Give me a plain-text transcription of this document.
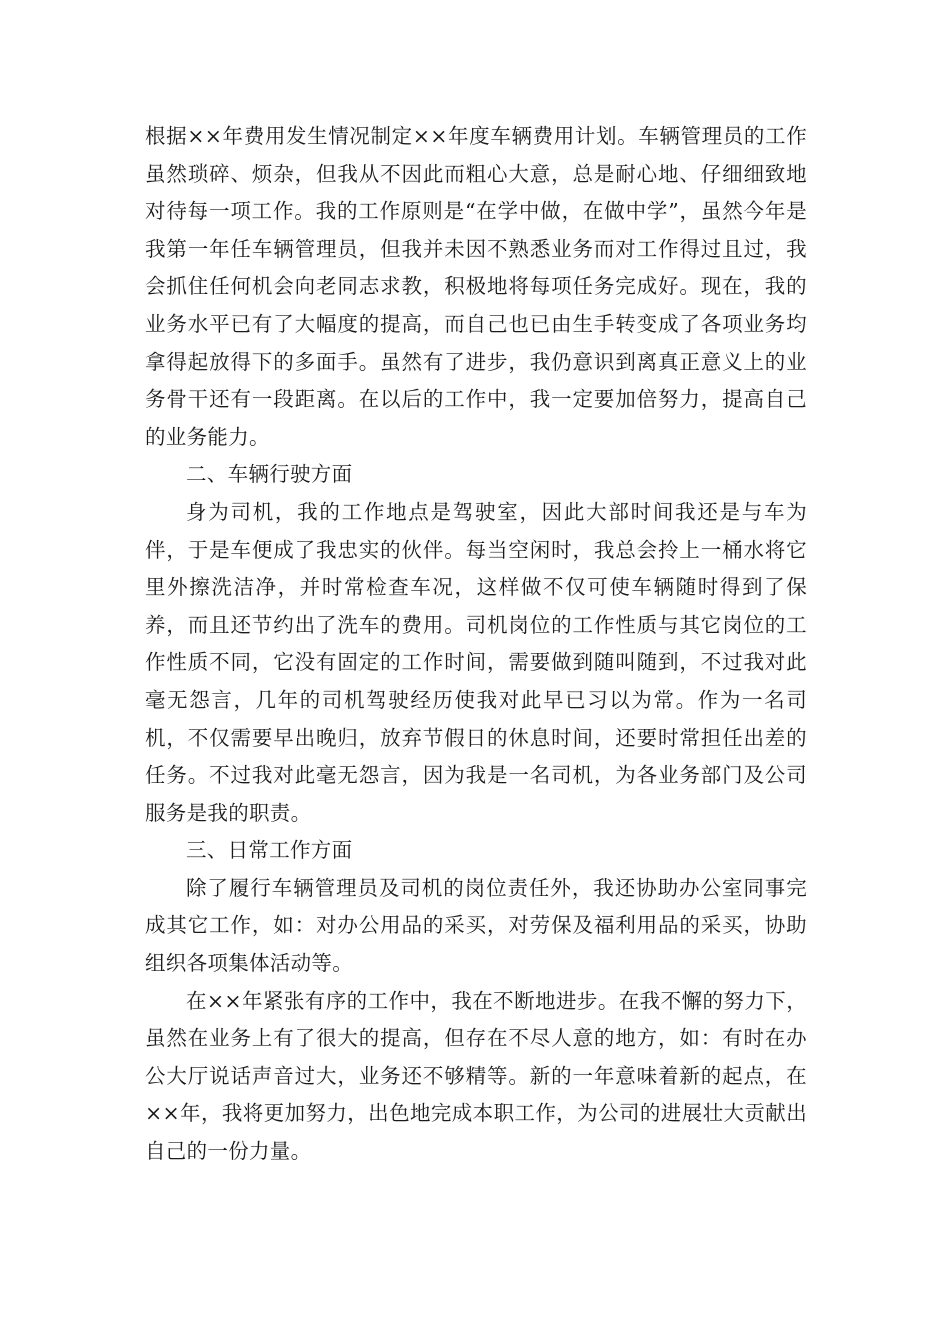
根据××年费用发生情况制定××年度车辆费用计划。车辆管理员的工作虽然琐碎、烦杂，但我从不因此而粗心大意，总是耐心地、仔细细致地对待每一项工作。我的工作原则是“在学中做，在做中学”，虽然今年是我第一年任车辆管理员，但我并未因不熟悉业务而对工作得过且过，我会抓住任何机会向老同志求教，积极地将每项任务完成好。现在，我的业务水平已有了大幅度的提高，而自己也已由生手转变成了各项业务均拿得起放得下的多面手。虽然有了进步，我仍意识到离真正意义上的业务骨干还有一段距离。在以后的工作中，我一定要加倍努力，提高自己的业务能力。

二、车辆行驶方面

身为司机，我的工作地点是驾驶室，因此大部时间我还是与车为伴，于是车便成了我忠实的伙伴。每当空闲时，我总会拎上一桶水将它里外擦洗洁净，并时常检查车况，这样做不仅可使车辆随时得到了保养，而且还节约出了洗车的费用。司机岗位的工作性质与其它岗位的工作性质不同，它没有固定的工作时间，需要做到随叫随到，不过我对此毫无怨言，几年的司机驾驶经历使我对此早已习以为常。作为一名司机，不仅需要早出晚归，放弃节假日的休息时间，还要时常担任出差的任务。不过我对此毫无怨言，因为我是一名司机，为各业务部门及公司服务是我的职责。

三、日常工作方面

除了履行车辆管理员及司机的岗位责任外，我还协助办公室同事完成其它工作，如：对办公用品的采买，对劳保及福利用品的采买，协助组织各项集体活动等。

在××年紧张有序的工作中，我在不断地进步。在我不懈的努力下，虽然在业务上有了很大的提高，但存在不尽人意的地方，如：有时在办公大厅说话声音过大，业务还不够精等。新的一年意味着新的起点，在××年，我将更加努力，出色地完成本职工作，为公司的进展壮大贡献出自己的一份力量。
